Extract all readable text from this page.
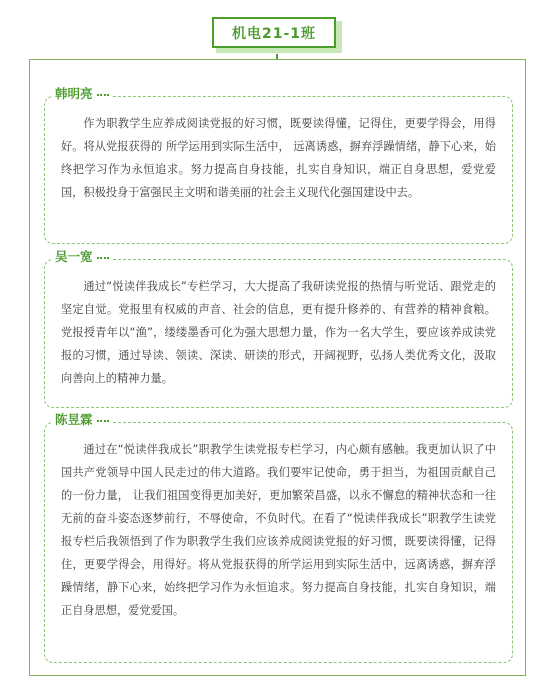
机电21-1班
韩明亮

作为职教学生应养成阅读党报的好习惯，既要读得懂，记得住，更要学得会，用得好。将从党报获得的 所学运用到实际生活中， 远离诱惑，摒弃浮躁情绪，静下心来，始终把学习作为永恒追求。努力提高自身技能，扎实自身知识，端正自身思想，爱党爱国，积极投身于富强民主文明和谐美丽的社会主义现代化强国建设中去。

吴一宽

通过“悦读伴我成长”专栏学习，大大提高了我研读党报的热情与听党话、跟党走的坚定自觉。党报里有权威的声音、社会的信息，更有提升修养的、有营养的精神食粮。党报授青年以“渔”，缕缕墨香可化为强大思想力量，作为一名大学生，要应该养成读党报的习惯，通过导读、领读、深读、研读的形式，开阔视野，弘扬人类优秀文化，汲取向善向上的精神力量。

陈昱霖

通过在“悦读伴我成长”职教学生读党报专栏学习，内心颇有感触。我更加认识了中国共产党领导中国人民走过的伟大道路。我们要牢记使命，勇于担当，为祖国贡献自己的一份力量， 让我们祖国变得更加美好，更加繁荣昌盛，以永不懈怠的精神状态和一往无前的奋斗姿态逐梦前行，不辱使命，不负时代。在看了“悦读伴我成长”职教学生读党报专栏后我领悟到了作为职教学生我们应该养成阅读党报的好习惯，既要读得懂，记得住，更要学得会，用得好。将从党报获得的所学运用到实际生活中，远离诱惑，摒弃浮躁情绪，静下心来，始终把学习作为永恒追求。努力提高自身技能，扎实自身知识，端正自身思想，爱党爱国。
